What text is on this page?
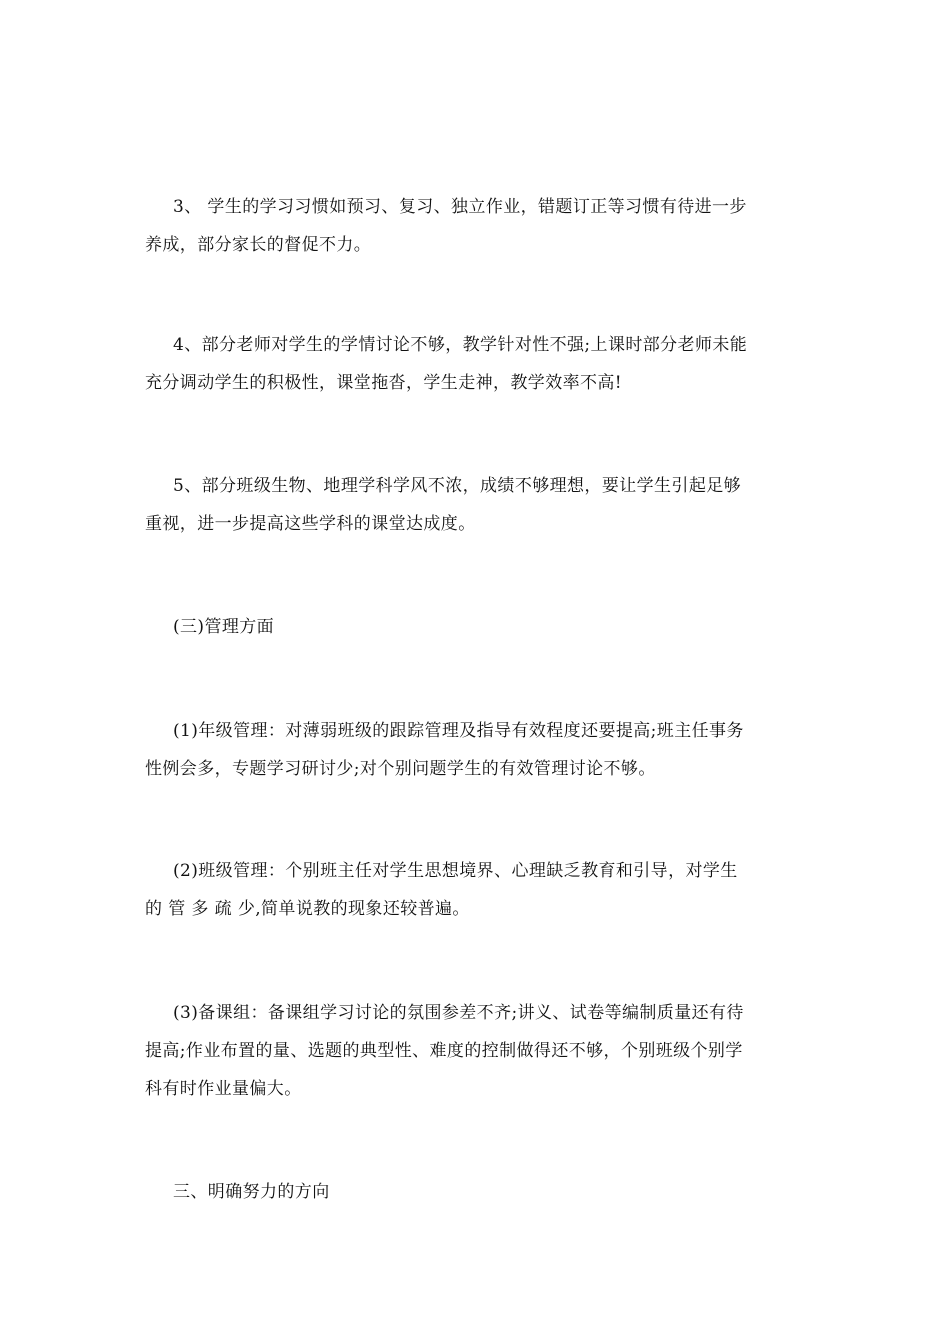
3、 学生的学习习惯如预习、复习、独立作业，错题订正等习惯有待进一步
养成，部分家长的督促不力。
4、部分老师对学生的学情讨论不够，教学针对性不强;上课时部分老师未能
充分调动学生的积极性，课堂拖沓，学生走神，教学效率不高!
5、部分班级生物、地理学科学风不浓，成绩不够理想，要让学生引起足够
重视，进一步提高这些学科的课堂达成度。
(三)管理方面
(1)年级管理：对薄弱班级的跟踪管理及指导有效程度还要提高;班主任事务
性例会多，专题学习研讨少;对个别问题学生的有效管理讨论不够。
(2)班级管理：个别班主任对学生思想境界、心理缺乏教育和引导，对学生
的 管 多 疏 少,简单说教的现象还较普遍。
(3)备课组：备课组学习讨论的氛围参差不齐;讲义、试卷等编制质量还有待
提高;作业布置的量、选题的典型性、难度的控制做得还不够，个别班级个别学
科有时作业量偏大。
三、明确努力的方向
